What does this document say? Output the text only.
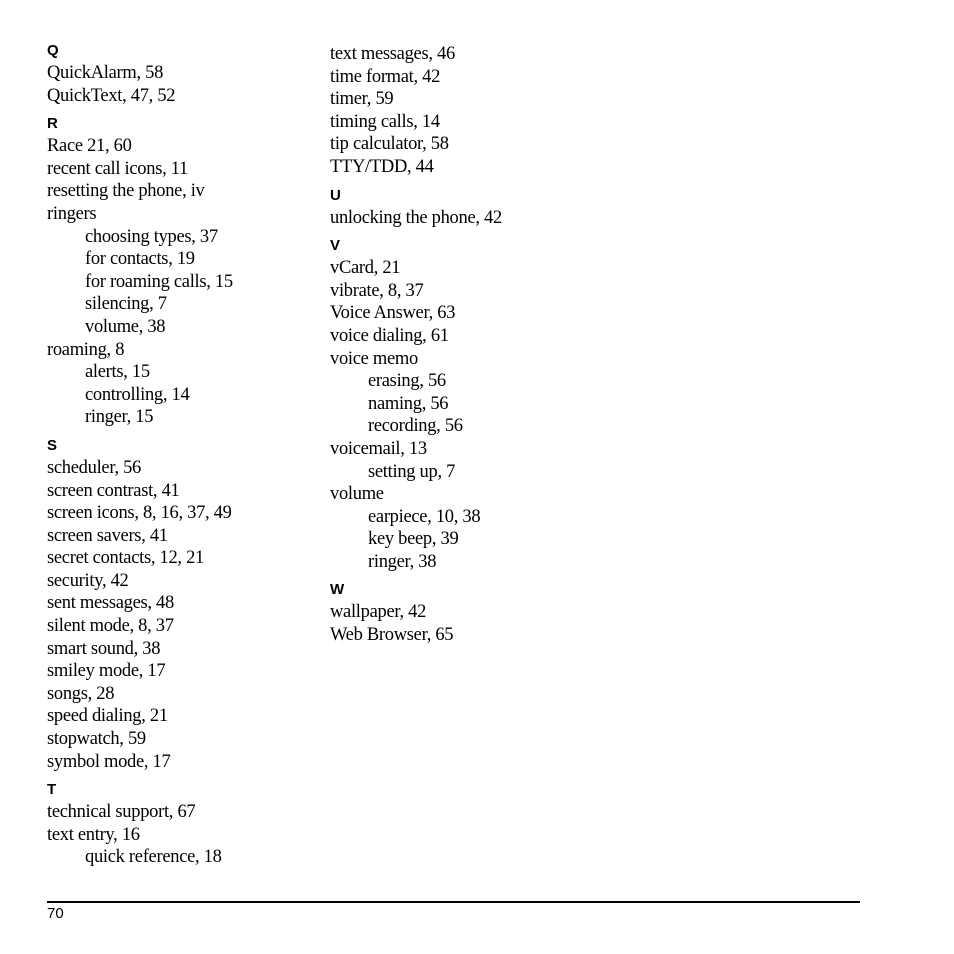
Q
QuickAlarm, 58
QuickText, 47, 52
R
Race 21, 60
recent call icons, 11
resetting the phone, iv
ringers
choosing types, 37
for contacts, 19
for roaming calls, 15
silencing, 7
volume, 38
roaming, 8
alerts, 15
controlling, 14
ringer, 15
S
scheduler, 56
screen contrast, 41
screen icons, 8, 16, 37, 49
screen savers, 41
secret contacts, 12, 21
security, 42
sent messages, 48
silent mode, 8, 37
smart sound, 38
smiley mode, 17
songs, 28
speed dialing, 21
stopwatch, 59
symbol mode, 17
T
technical support, 67
text entry, 16
quick reference, 18
text messages, 46
time format, 42
timer, 59
timing calls, 14
tip calculator, 58
TTY/TDD, 44
U
unlocking the phone, 42
V
vCard, 21
vibrate, 8, 37
Voice Answer, 63
voice dialing, 61
voice memo
erasing, 56
naming, 56
recording, 56
voicemail, 13
setting up, 7
volume
earpiece, 10, 38
key beep, 39
ringer, 38
W
wallpaper, 42
Web Browser, 65
70
